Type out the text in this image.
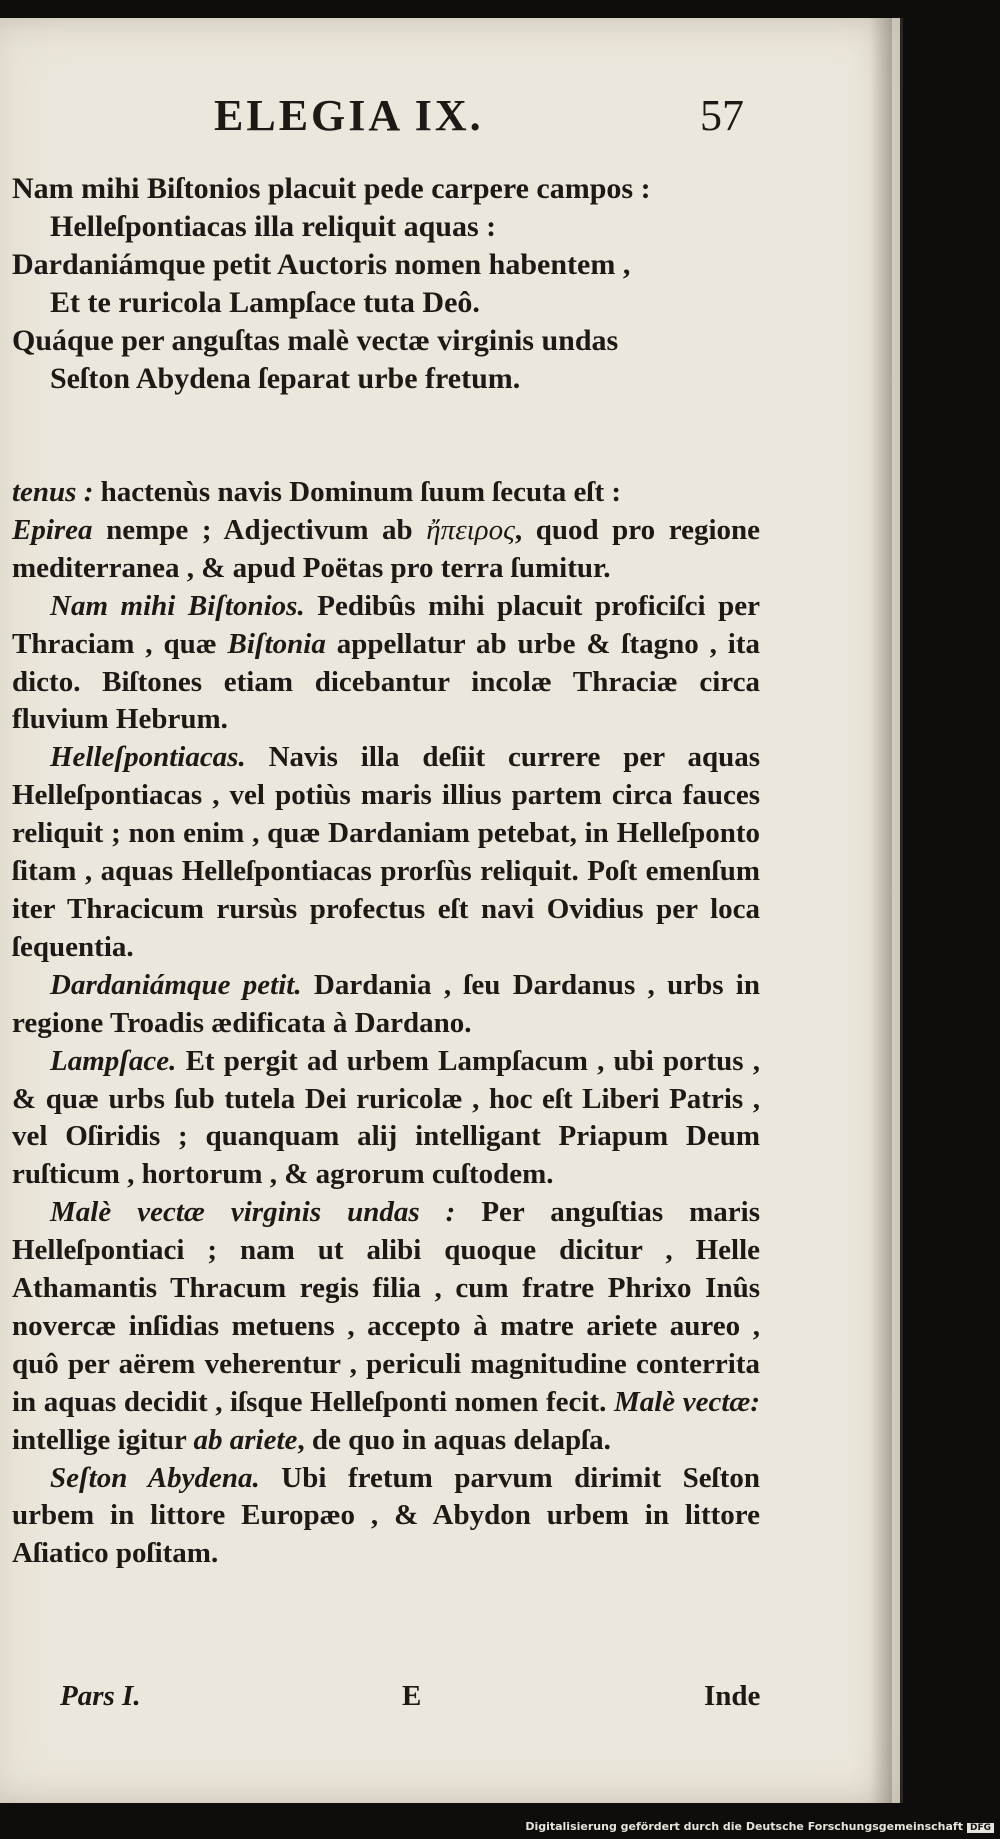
ELEGIA IX.	57
Nam mihi Biſtonios placuit pede carpere campos :
Helleſpontiacas illa reliquit aquas :
Dardaniámque petit Auctoris nomen habentem ,
Et te ruricola Lampſace tuta Deô.
Quáque per anguſtas malè vectæ virginis undas
Seſton Abydena ſeparat urbe fretum.

tenus : hactenùs navis Dominum ſuum ſecuta eſt :

Epirea nempe ; Adjectivum ab ἤπειρος, quod pro regione mediterranea , & apud Poëtas pro terra ſumitur.

Nam mihi Biſtonios. Pedibûs mihi placuit proficiſci per Thraciam , quæ Biſtonia appellatur ab urbe & ſtagno , ita dicto. Biſtones etiam dicebantur incolæ Thraciæ circa fluvium Hebrum.

Helleſpontiacas. Navis illa deſiit currere per aquas Helleſpontiacas , vel potiùs maris illius partem circa fauces reliquit ; non enim , quæ Dardaniam petebat, in Helleſponto ſitam , aquas Helleſpontiacas prorſùs reliquit. Poſt emenſum iter Thracicum rursùs profectus eſt navi Ovidius per loca ſequentia.

Dardaniámque petit. Dardania , ſeu Dardanus , urbs in regione Troadis ædificata à Dardano.

Lampſace. Et pergit ad urbem Lampſacum , ubi portus , & quæ urbs ſub tutela Dei ruricolæ , hoc eſt Liberi Patris , vel Oſiridis ; quanquam alij intelligant Priapum Deum ruſticum , hortorum , & agrorum cuſtodem.

Malè vectæ virginis undas : Per anguſtias maris Helleſpontiaci ; nam ut alibi quoque dicitur , Helle Athamantis Thracum regis filia , cum fratre Phrixo Inûs novercæ inſidias metuens , accepto à matre ariete aureo , quô per aërem veherentur , periculi magnitudine conterrita in aquas decidit , iſsque Helleſponti nomen fecit. Malè vectæ: intellige igitur ab ariete, de quo in aquas delapſa.

Seſton Abydena. Ubi fretum parvum dirimit Seſton urbem in littore Europæo , & Abydon urbem in littore Aſiatico poſitam.

Pars I.	E	Inde
Digitalisierung gefördert durch die Deutsche Forschungsgemeinschaft DFG
